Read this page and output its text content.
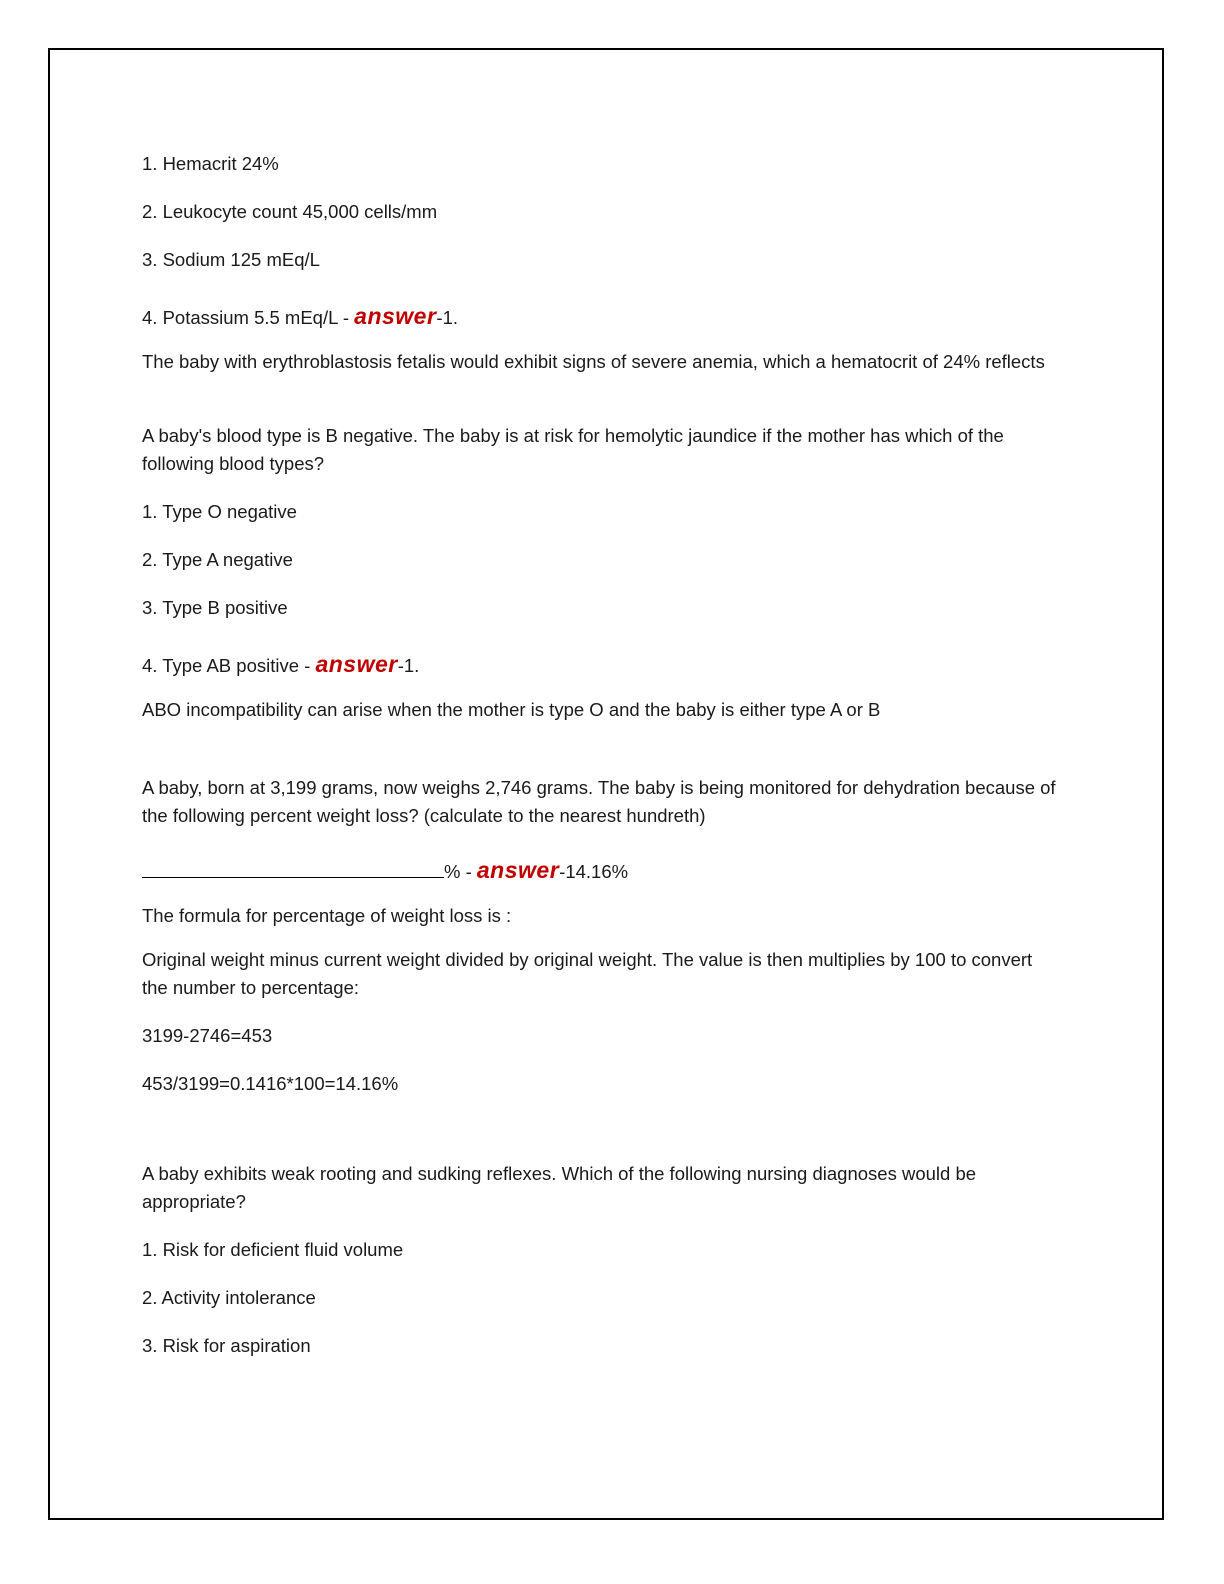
1. Hemacrit 24%

2. Leukocyte count 45,000 cells/mm

3. Sodium 125 mEq/L

4. Potassium 5.5 mEq/L - answer-1.

The baby with erythroblastosis fetalis would exhibit signs of severe anemia, which a hematocrit of 24% reflects

A baby's blood type is B negative. The baby is at risk for hemolytic jaundice if the mother has which of the following blood types?

1. Type O negative

2. Type A negative

3. Type B positive

4. Type AB positive - answer-1.

ABO incompatibility can arise when the mother is type O and the baby is either type A or B

A baby, born at 3,199 grams, now weighs 2,746 grams. The baby is being monitored for dehydration because of the following percent weight loss? (calculate to the nearest hundreth)

% - answer-14.16%

The formula for percentage of weight loss is :

Original weight minus current weight divided by original weight. The value is then multiplies by 100 to convert the number to percentage:

3199-2746=453

453/3199=0.1416*100=14.16%

A baby exhibits weak rooting and sudking reflexes. Which of the following nursing diagnoses would be appropriate?

1. Risk for deficient fluid volume

2. Activity intolerance

3. Risk for aspiration
